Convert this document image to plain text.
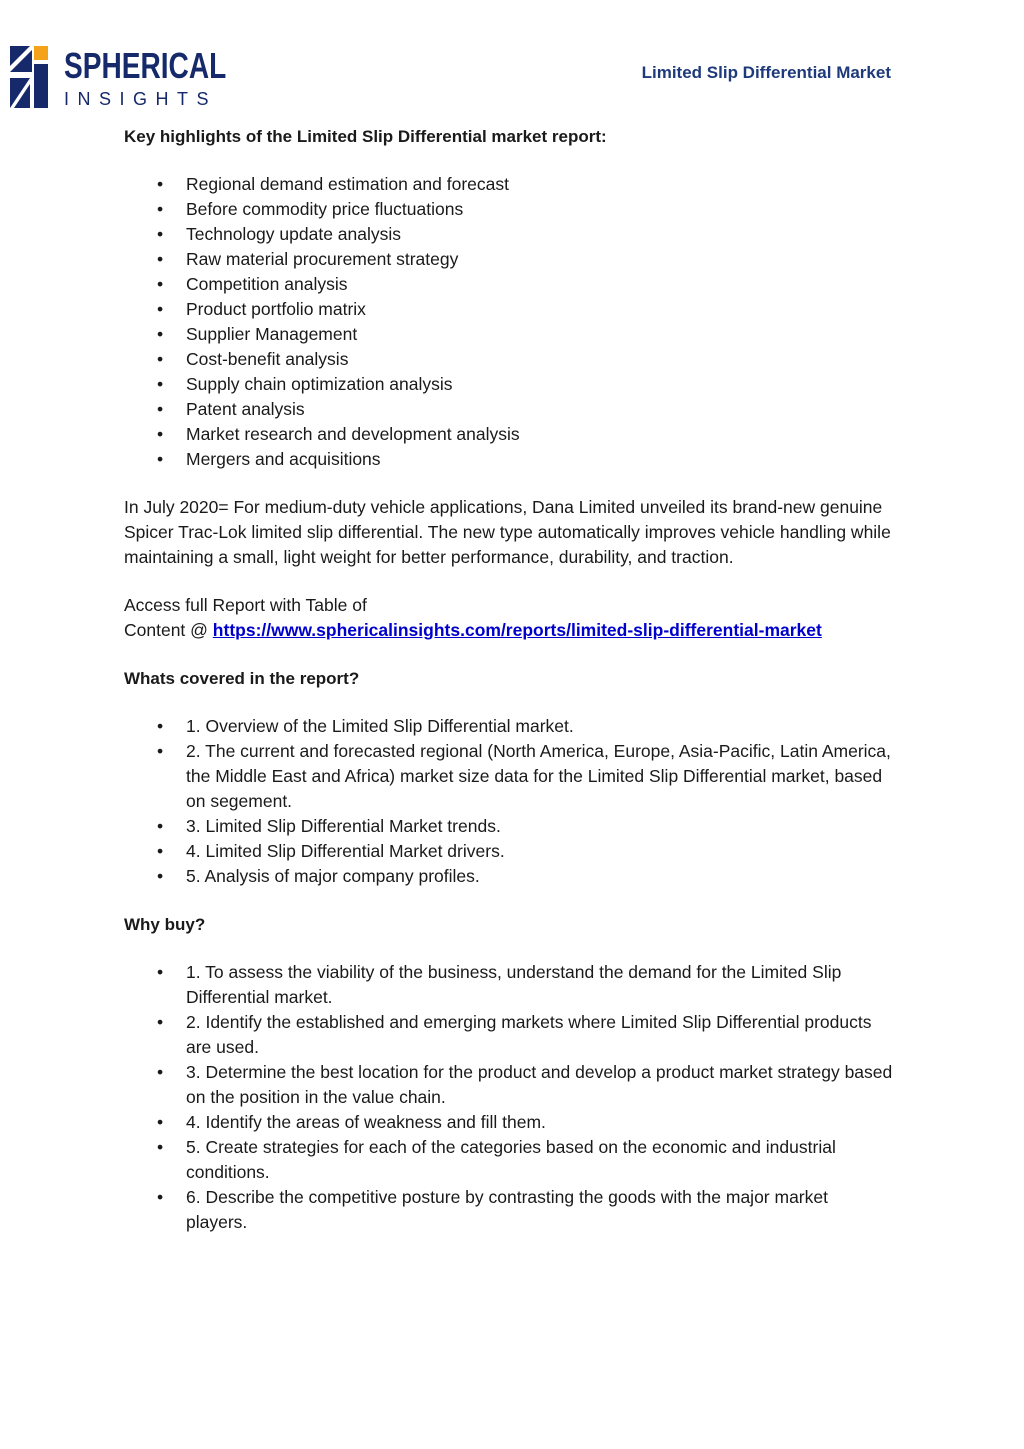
SPHERICAL
INSIGHTS
Limited Slip Differential Market

Key highlights of the Limited Slip Differential market report:

• Regional demand estimation and forecast
• Before commodity price fluctuations
• Technology update analysis
• Raw material procurement strategy
• Competition analysis
• Product portfolio matrix
• Supplier Management
• Cost-benefit analysis
• Supply chain optimization analysis
• Patent analysis
• Market research and development analysis
• Mergers and acquisitions

In July 2020= For medium-duty vehicle applications, Dana Limited unveiled its brand-new genuine Spicer Trac-Lok limited slip differential. The new type automatically improves vehicle handling while maintaining a small, light weight for better performance, durability, and traction.

Access full Report with Table of

Content @ https://www.sphericalinsights.com/reports/limited-slip-differential-market

Whats covered in the report?

• 1. Overview of the Limited Slip Differential market.
• 2. The current and forecasted regional (North America, Europe, Asia-Pacific, Latin America, the Middle East and Africa) market size data for the Limited Slip Differential market, based on segement.
• 3. Limited Slip Differential Market trends.
• 4. Limited Slip Differential Market drivers.
• 5. Analysis of major company profiles.

Why buy?

• 1. To assess the viability of the business, understand the demand for the Limited Slip Differential market.
• 2. Identify the established and emerging markets where Limited Slip Differential products are used.
• 3. Determine the best location for the product and develop a product market strategy based on the position in the value chain.
• 4. Identify the areas of weakness and fill them.
• 5. Create strategies for each of the categories based on the economic and industrial conditions.
• 6. Describe the competitive posture by contrasting the goods with the major market players.
